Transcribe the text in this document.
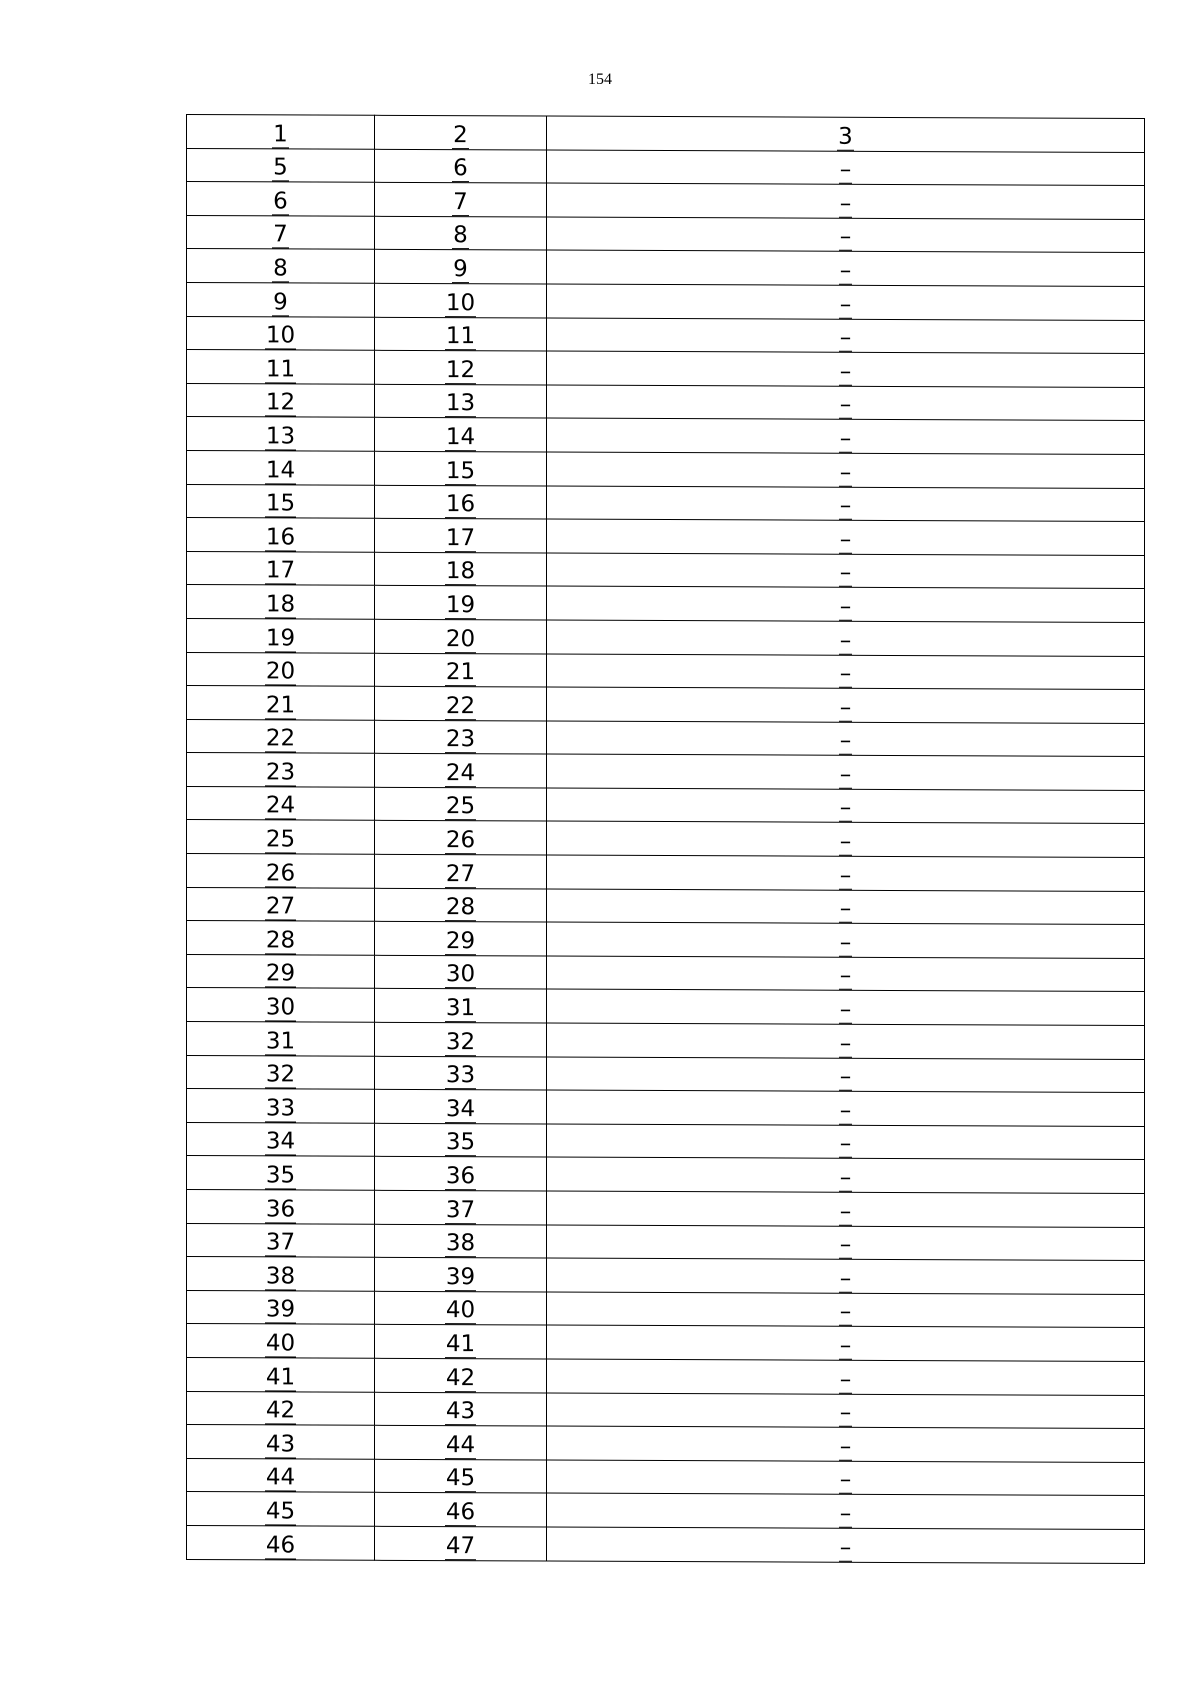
154
1	2	3
5	6	–
6	7	–
7	8	–
8	9	–
9	10	–
10	11	–
11	12	–
12	13	–
13	14	–
14	15	–
15	16	–
16	17	–
17	18	–
18	19	–
19	20	–
20	21	–
21	22	–
22	23	–
23	24	–
24	25	–
25	26	–
26	27	–
27	28	–
28	29	–
29	30	–
30	31	–
31	32	–
32	33	–
33	34	–
34	35	–
35	36	–
36	37	–
37	38	–
38	39	–
39	40	–
40	41	–
41	42	–
42	43	–
43	44	–
44	45	–
45	46	–
46	47	–
